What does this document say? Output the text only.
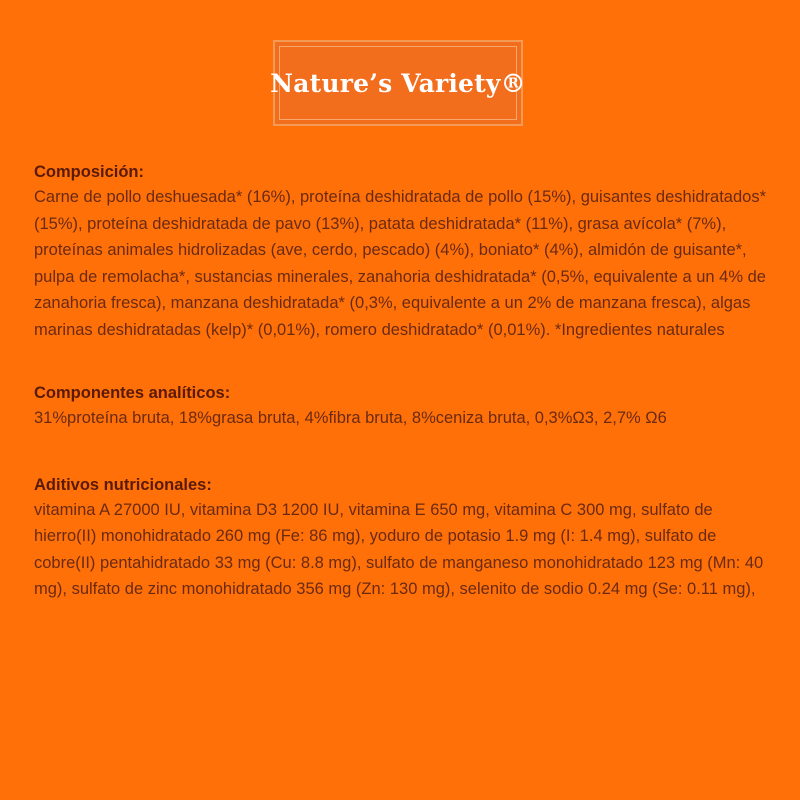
Nature’s Variety®

Composición:

Carne de pollo deshuesada* (16%), proteína deshidratada de pollo (15%), guisantes deshidratados* (15%), proteína deshidratada de pavo (13%), patata deshidratada* (11%), grasa avícola* (7%), proteínas animales hidrolizadas (ave, cerdo, pescado) (4%), boniato* (4%), almidón de guisante*, pulpa de remolacha*, sustancias minerales, zanahoria deshidratada* (0,5%, equivalente a un 4% de zanahoria fresca), manzana deshidratada* (0,3%, equivalente a un 2% de manzana fresca), algas marinas deshidratadas (kelp)* (0,01%), romero deshidratado* (0,01%). *Ingredientes naturales

Componentes analíticos:

31%proteína bruta, 18%grasa bruta, 4%fibra bruta, 8%ceniza bruta, 0,3%Ω3, 2,7% Ω6

Aditivos nutricionales:

vitamina A 27000 IU, vitamina D3 1200 IU, vitamina E 650 mg, vitamina C 300 mg, sulfato de hierro(II) monohidratado 260 mg (Fe: 86 mg), yoduro de potasio 1.9 mg (I: 1.4 mg), sulfato de cobre(II) pentahidratado 33 mg (Cu: 8.8 mg), sulfato de manganeso monohidratado 123 mg (Mn: 40 mg), sulfato de zinc monohidratado 356 mg (Zn: 130 mg), selenito de sodio 0.24 mg (Se: 0.11 mg),
